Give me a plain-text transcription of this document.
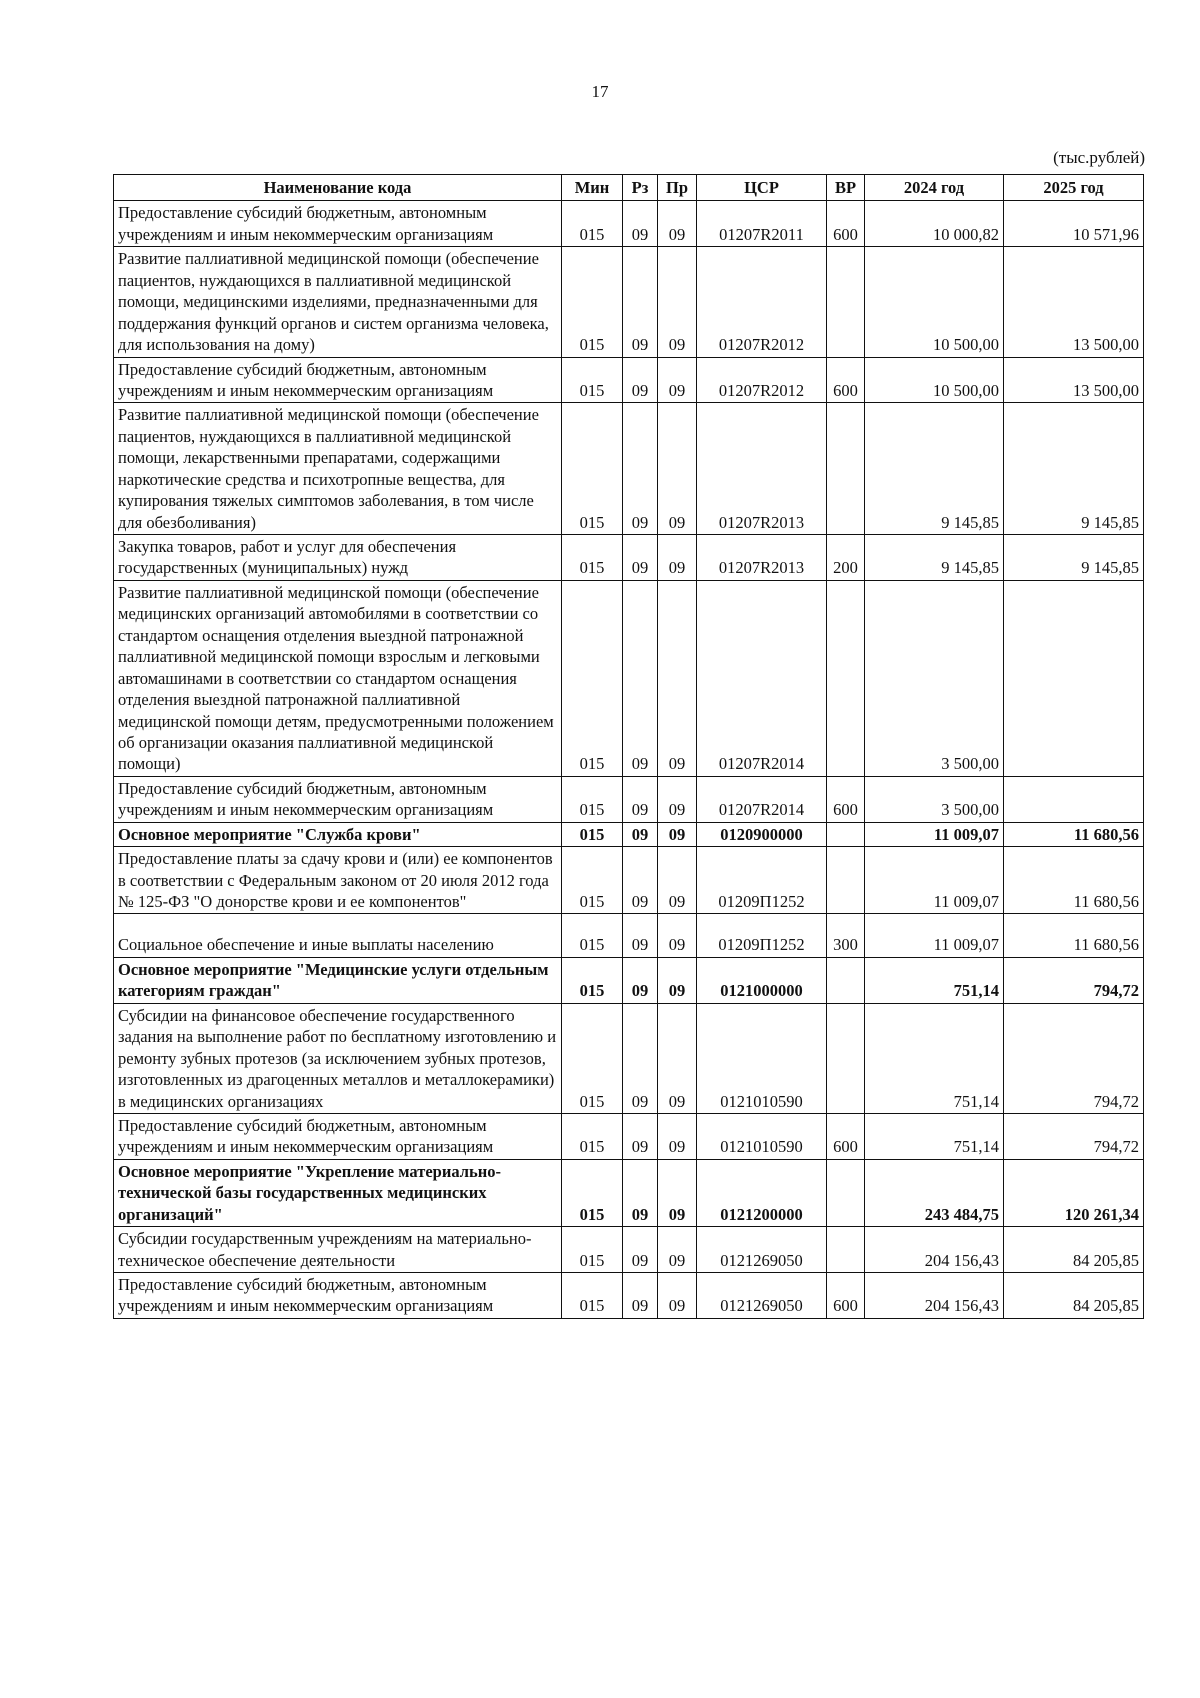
17
(тыс.рублей)
Наименование кода	Мин	Рз	Пр	ЦСР	ВР	2024 год	2025 год
Предоставление субсидий бюджетным, автономным учреждениям и иным некоммерческим организациям	015	09	09	01207R2011	600	10 000,82	10 571,96
Развитие паллиативной медицинской помощи (обеспечение пациентов, нуждающихся в паллиативной медицинской помощи, медицинскими изделиями, предназначенными для поддержания функций органов и систем организма человека, для использования на дому)	015	09	09	01207R2012		10 500,00	13 500,00
Предоставление субсидий бюджетным, автономным учреждениям и иным некоммерческим организациям	015	09	09	01207R2012	600	10 500,00	13 500,00
Развитие паллиативной медицинской помощи (обеспечение пациентов, нуждающихся в паллиативной медицинской помощи, лекарственными препаратами, содержащими наркотические средства и психотропные вещества, для купирования тяжелых симптомов заболевания, в том числе для обезболивания)	015	09	09	01207R2013		9 145,85	9 145,85
Закупка товаров, работ и услуг для обеспечения государственных (муниципальных) нужд	015	09	09	01207R2013	200	9 145,85	9 145,85
Развитие паллиативной медицинской помощи (обеспечение медицинских организаций автомобилями в соответствии со стандартом оснащения отделения выездной патронажной паллиативной медицинской помощи взрослым и легковыми автомашинами в соответствии со стандартом оснащения отделения выездной патронажной паллиативной медицинской помощи детям, предусмотренными положением об организации оказания паллиативной медицинской помощи)	015	09	09	01207R2014		3 500,00	
Предоставление субсидий бюджетным, автономным учреждениям и иным некоммерческим организациям	015	09	09	01207R2014	600	3 500,00	
Основное мероприятие "Служба крови"	015	09	09	0120900000		11 009,07	11 680,56
Предоставление платы за сдачу крови и (или) ее компонентов в соответствии с Федеральным законом от 20 июля 2012 года № 125-ФЗ "О донорстве крови и ее компонентов"	015	09	09	01209П1252		11 009,07	11 680,56
Социальное обеспечение и иные выплаты населению	015	09	09	01209П1252	300	11 009,07	11 680,56
Основное мероприятие "Медицинские услуги отдельным категориям граждан"	015	09	09	0121000000		751,14	794,72
Субсидии на финансовое обеспечение государственного задания на выполнение работ по бесплатному изготовлению и ремонту зубных протезов (за исключением зубных протезов, изготовленных из драгоценных металлов и металлокерамики) в медицинских организациях	015	09	09	0121010590		751,14	794,72
Предоставление субсидий бюджетным, автономным учреждениям и иным некоммерческим организациям	015	09	09	0121010590	600	751,14	794,72
Основное мероприятие "Укрепление материально-технической базы государственных медицинских организаций"	015	09	09	0121200000		243 484,75	120 261,34
Субсидии государственным учреждениям на материально-техническое обеспечение деятельности	015	09	09	0121269050		204 156,43	84 205,85
Предоставление субсидий бюджетным, автономным учреждениям и иным некоммерческим организациям	015	09	09	0121269050	600	204 156,43	84 205,85
